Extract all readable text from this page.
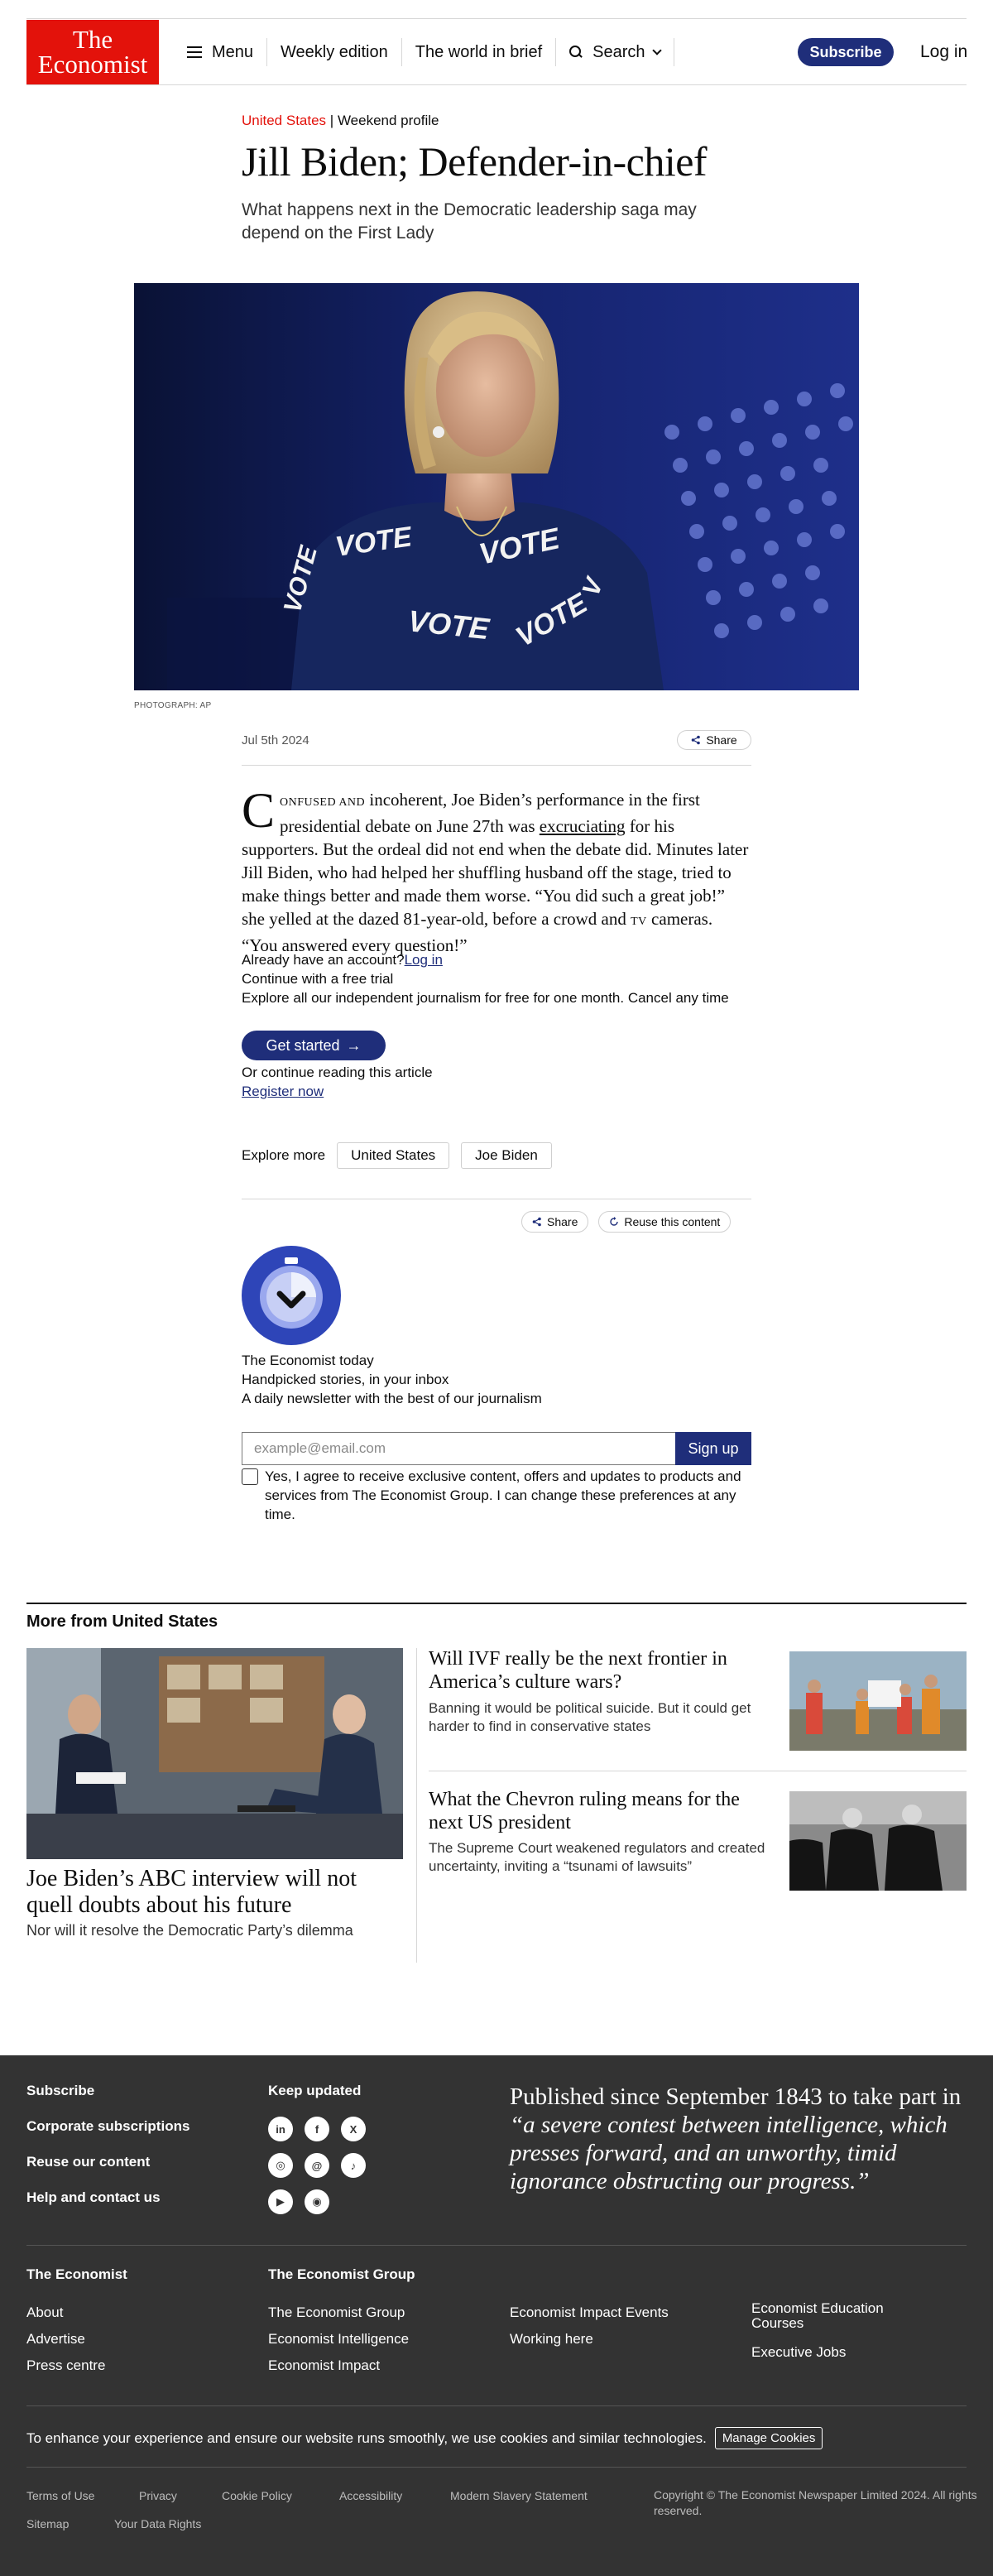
The
Economist	Menu Weekly edition The world in brief	Search	Subscribe	Log in
United States | Weekend profile
Jill Biden; Defender-in-chief

What happens next in the Democratic leadership saga may depend on the First Lady

VOTE VOTE
VOTE VOTE
VOTE	V
PHOTOGRAPH: AP
Jul 5th 2024	Share
CONFUSED AND incoherent, Joe Biden’s performance in the first presidential debate on June 27th was excruciating for his supporters. But the ordeal did not end when the debate did. Minutes later Jill Biden, who had helped her shuffling husband off the stage, tried to make things better and made them worse. “You did such a great job!” she yelled at the dazed 81-year-old, before a crowd and TV cameras. “You answered every question!”
Already have an account?Log in
Continue with a free trial
Explore all our independent journalism for free for one month. Cancel any time
Get started →
Or continue reading this article
Register now
Explore more	United States	Joe Biden
Share	Reuse this content
The Economist today
Handpicked stories, in your inbox
A daily newsletter with the best of our journalism
example@email.com
Sign up
Yes, I agree to receive exclusive content, offers and updates to products and services from The Economist Group. I can change these preferences at any time.
More from United States
Joe Biden’s ABC interview will not quell doubts about his future
Nor will it resolve the Democratic Party’s dilemma
Will IVF really be the next frontier in America’s culture wars?
Banning it would be political suicide. But it could get harder to find in conservative states
What the Chevron ruling means for the next US president
The Supreme Court weakened regulators and created uncertainty, inviting a “tsunami of lawsuits”
Subscribe
Corporate subscriptions
Reuse our content
Help and contact us
Keep updated
in	f	X
◎	@	♪
▶	◉
Published since September 1843 to take part in “a severe contest between intelligence, which presses forward, and an unworthy, timid ignorance obstructing our progress.”
The Economist
About
Advertise
Press centre
The Economist Group
The Economist Group
Economist Intelligence
Economist Impact
Economist Impact Events
Working here
Economist Education Courses
Executive Jobs
To enhance your experience and ensure our website runs smoothly, we use cookies and similar technologies.	Manage Cookies
Terms of Use	Privacy	Cookie Policy	Accessibility	Modern Slavery Statement
Sitemap	Your Data Rights
Copyright © The Economist Newspaper Limited 2024. All rights reserved.
